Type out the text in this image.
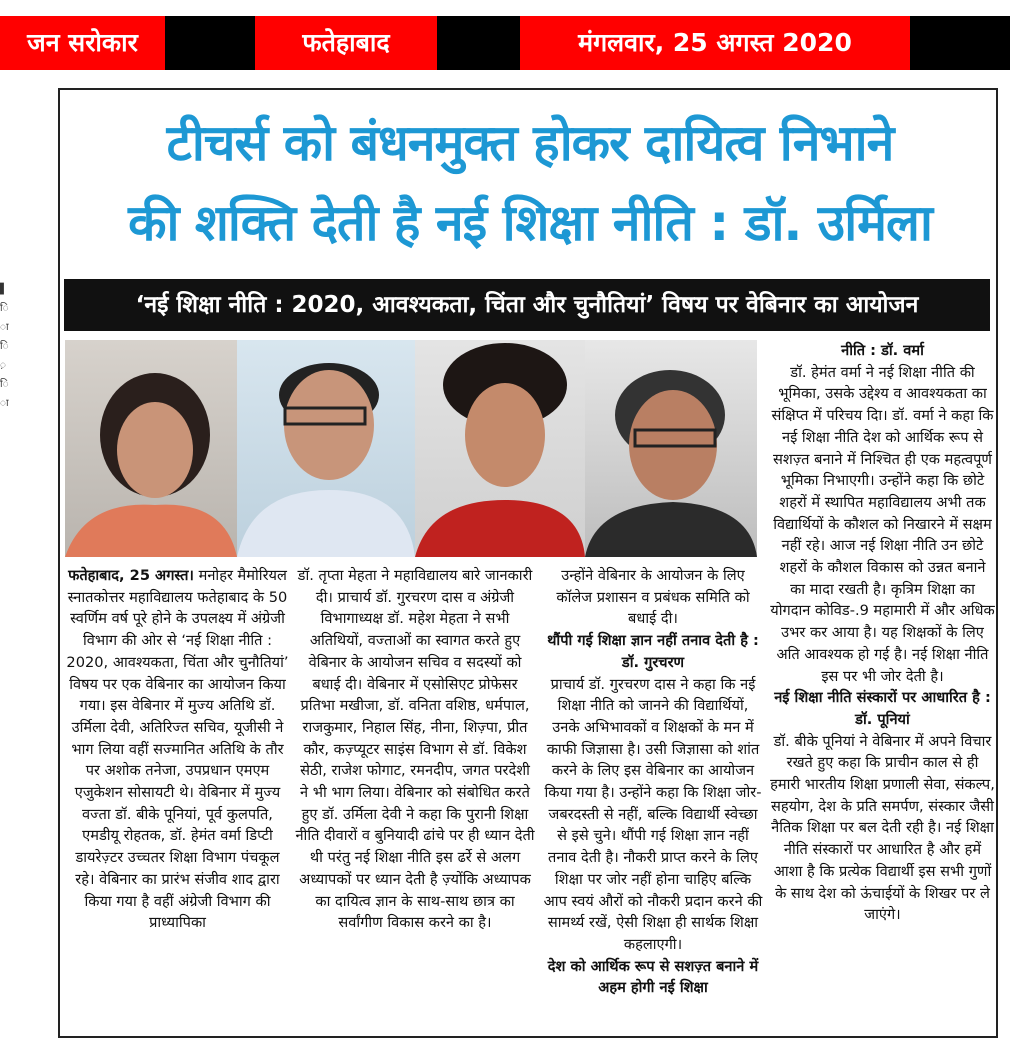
जन सरोकार	फतेहाबाद	मंगलवार, 25 अगस्त 2020
▌
ि
ा
ि
़
ि
ा
टीचर्स को बंधनमुक्त होकर दायित्व निभाने
की शक्ति देती है नई शिक्षा नीति : डॉ. उर्मिला
‘नई शिक्षा नीति : 2020, आवश्यकता, चिंता और चुनौतियां’ विषय पर वेबिनार का आयोजन

फतेहाबाद, 25 अगस्त। मनोहर मैमोरियल स्नातकोत्तर महाविद्यालय फतेहाबाद के 50 स्वर्णिम वर्ष पूरे होने के उपलक्ष्य में अंग्रेजी विभाग की ओर से ‘नई शिक्षा नीति : 2020, आवश्यकता, चिंता और चुनौतियां’ विषय पर एक वेबिनार का आयोजन किया गया। इस वेबिनार में मुज्य अतिथि डॉ. उर्मिला देवी, अतिरिज्त सचिव, यूजीसी ने भाग लिया वहीं सज्मानित अतिथि के तौर पर अशोक तनेजा, उपप्रधान एमएम एजुकेशन सोसायटी थे। वेबिनार में मुज्य वज्ता डॉ. बीके पूनियां, पूर्व कुलपति, एमडीयू रोहतक, डॉ. हेमंत वर्मा डिप्टी डायरेज़्टर उच्चतर शिक्षा विभाग पंचकूल रहे। वेबिनार का प्रारंभ संजीव शाद द्वारा किया गया है वहीं अंग्रेजी विभाग की प्राध्यापिका

डॉ. तृप्ता मेहता ने महाविद्यालय बारे जानकारी दी। प्राचार्य डॉ. गुरचरण दास व अंग्रेजी विभागाध्यक्ष डॉ. महेश मेहता ने सभी अतिथियों, वज्ताओं का स्वागत करते हुए वेबिनार के आयोजन सचिव व सदस्यों को बधाई दी। वेबिनार में एसोसिएट प्रोफेसर प्रतिभा मखीजा, डॉ. वनिता वशिष्ठ, धर्मपाल, राजकुमार, निहाल सिंह, नीना, शिज़्पा, प्रीत कौर, कज़्प्यूटर साइंस विभाग से डॉ. विकेश सेठी, राजेश फोगाट, रमनदीप, जगत परदेशी ने भी भाग लिया। वेबिनार को संबोधित करते हुए डॉ. उर्मिला देवी ने कहा कि पुरानी शिक्षा नीति दीवारों व बुनियादी ढांचे पर ही ध्यान देती थी परंतु नई शिक्षा नीति इस ढर्रे से अलग अध्यापकों पर ध्यान देती है ज़्योंकि अध्यापक का दायित्व ज्ञान के साथ-साथ छात्र का सर्वांगीण विकास करने का है।

उन्होंने वेबिनार के आयोजन के लिए कॉलेज प्रशासन व प्रबंधक समिति को बधाई दी।

थौंपी गई शिक्षा ज्ञान नहीं तनाव देती है : डॉ. गुरचरण

प्राचार्य डॉ. गुरचरण दास ने कहा कि नई शिक्षा नीति को जानने की विद्यार्थियों, उनके अभिभावकों व शिक्षकों के मन में काफी जिज्ञासा है। उसी जिज्ञासा को शांत करने के लिए इस वेबिनार का आयोजन किया गया है। उन्होंने कहा कि शिक्षा जोर-जबरदस्ती से नहीं, बल्कि विद्यार्थी स्वेच्छा से इसे चुने। थौंपी गई शिक्षा ज्ञान नहीं तनाव देती है। नौकरी प्राप्त करने के लिए शिक्षा पर जोर नहीं होना चाहिए बल्कि आप स्वयं औरों को नौकरी प्रदान करने की सामर्थ्य रखें, ऐसी शिक्षा ही सार्थक शिक्षा कहलाएगी।

देश को आर्थिक रूप से सशज़्त बनाने में अहम होगी नई शिक्षा

नीति : डॉ. वर्मा

डॉ. हेमंत वर्मा ने नई शिक्षा नीति की भूमिका, उसके उद्देश्य व आवश्यकता का संक्षिप्त में परिचय दिा। डॉ. वर्मा ने कहा कि नई शिक्षा नीति देश को आर्थिक रूप से सशज़्त बनाने में निश्चित ही एक महत्वपूर्ण भूमिका निभाएगी। उन्होंने कहा कि छोटे शहरों में स्थापित महाविद्यालय अभी तक विद्यार्थियों के कौशल को निखारने में सक्षम नहीं रहे। आज नई शिक्षा नीति उन छोटे शहरों के कौशल विकास को उन्नत बनाने का मादा रखती है। कृत्रिम शिक्षा का योगदान कोविड-.9 महामारी में और अधिक उभर कर आया है। यह शिक्षकों के लिए अति आवश्यक हो गई है। नई शिक्षा नीति इस पर भी जोर देती है।

नई शिक्षा नीति संस्कारों पर आधारित है : डॉ. पूनियां

डॉ. बीके पूनियां ने वेबिनार में अपने विचार रखते हुए कहा कि प्राचीन काल से ही हमारी भारतीय शिक्षा प्रणाली सेवा, संकल्प, सहयोग, देश के प्रति समर्पण, संस्कार जैसी नैतिक शिक्षा पर बल देती रही है। नई शिक्षा नीति संस्कारों पर आधारित है और हमें आशा है कि प्रत्येक विद्यार्थी इस सभी गुणों के साथ देश को ऊंचाईयों के शिखर पर ले जाएंगे।
